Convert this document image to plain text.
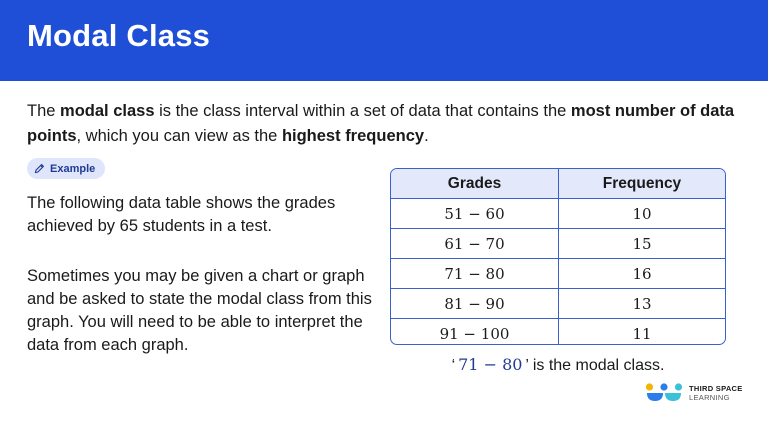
Modal Class
The modal class is the class interval within a set of data that contains the most number of data points, which you can view as the highest frequency.
Example
The following data table shows the grades achieved by 65 students in a test.
Sometimes you may be given a chart or graph and be asked to state the modal class from this graph. You will need to be able to interpret the data from each graph.
Grades	Frequency
51 − 60	10
61 − 70	15
71 − 80	16
81 − 90	13
91 − 100	11
‘ 71 − 80 ’ is the modal class.
THIRD SPACE
LEARNING
